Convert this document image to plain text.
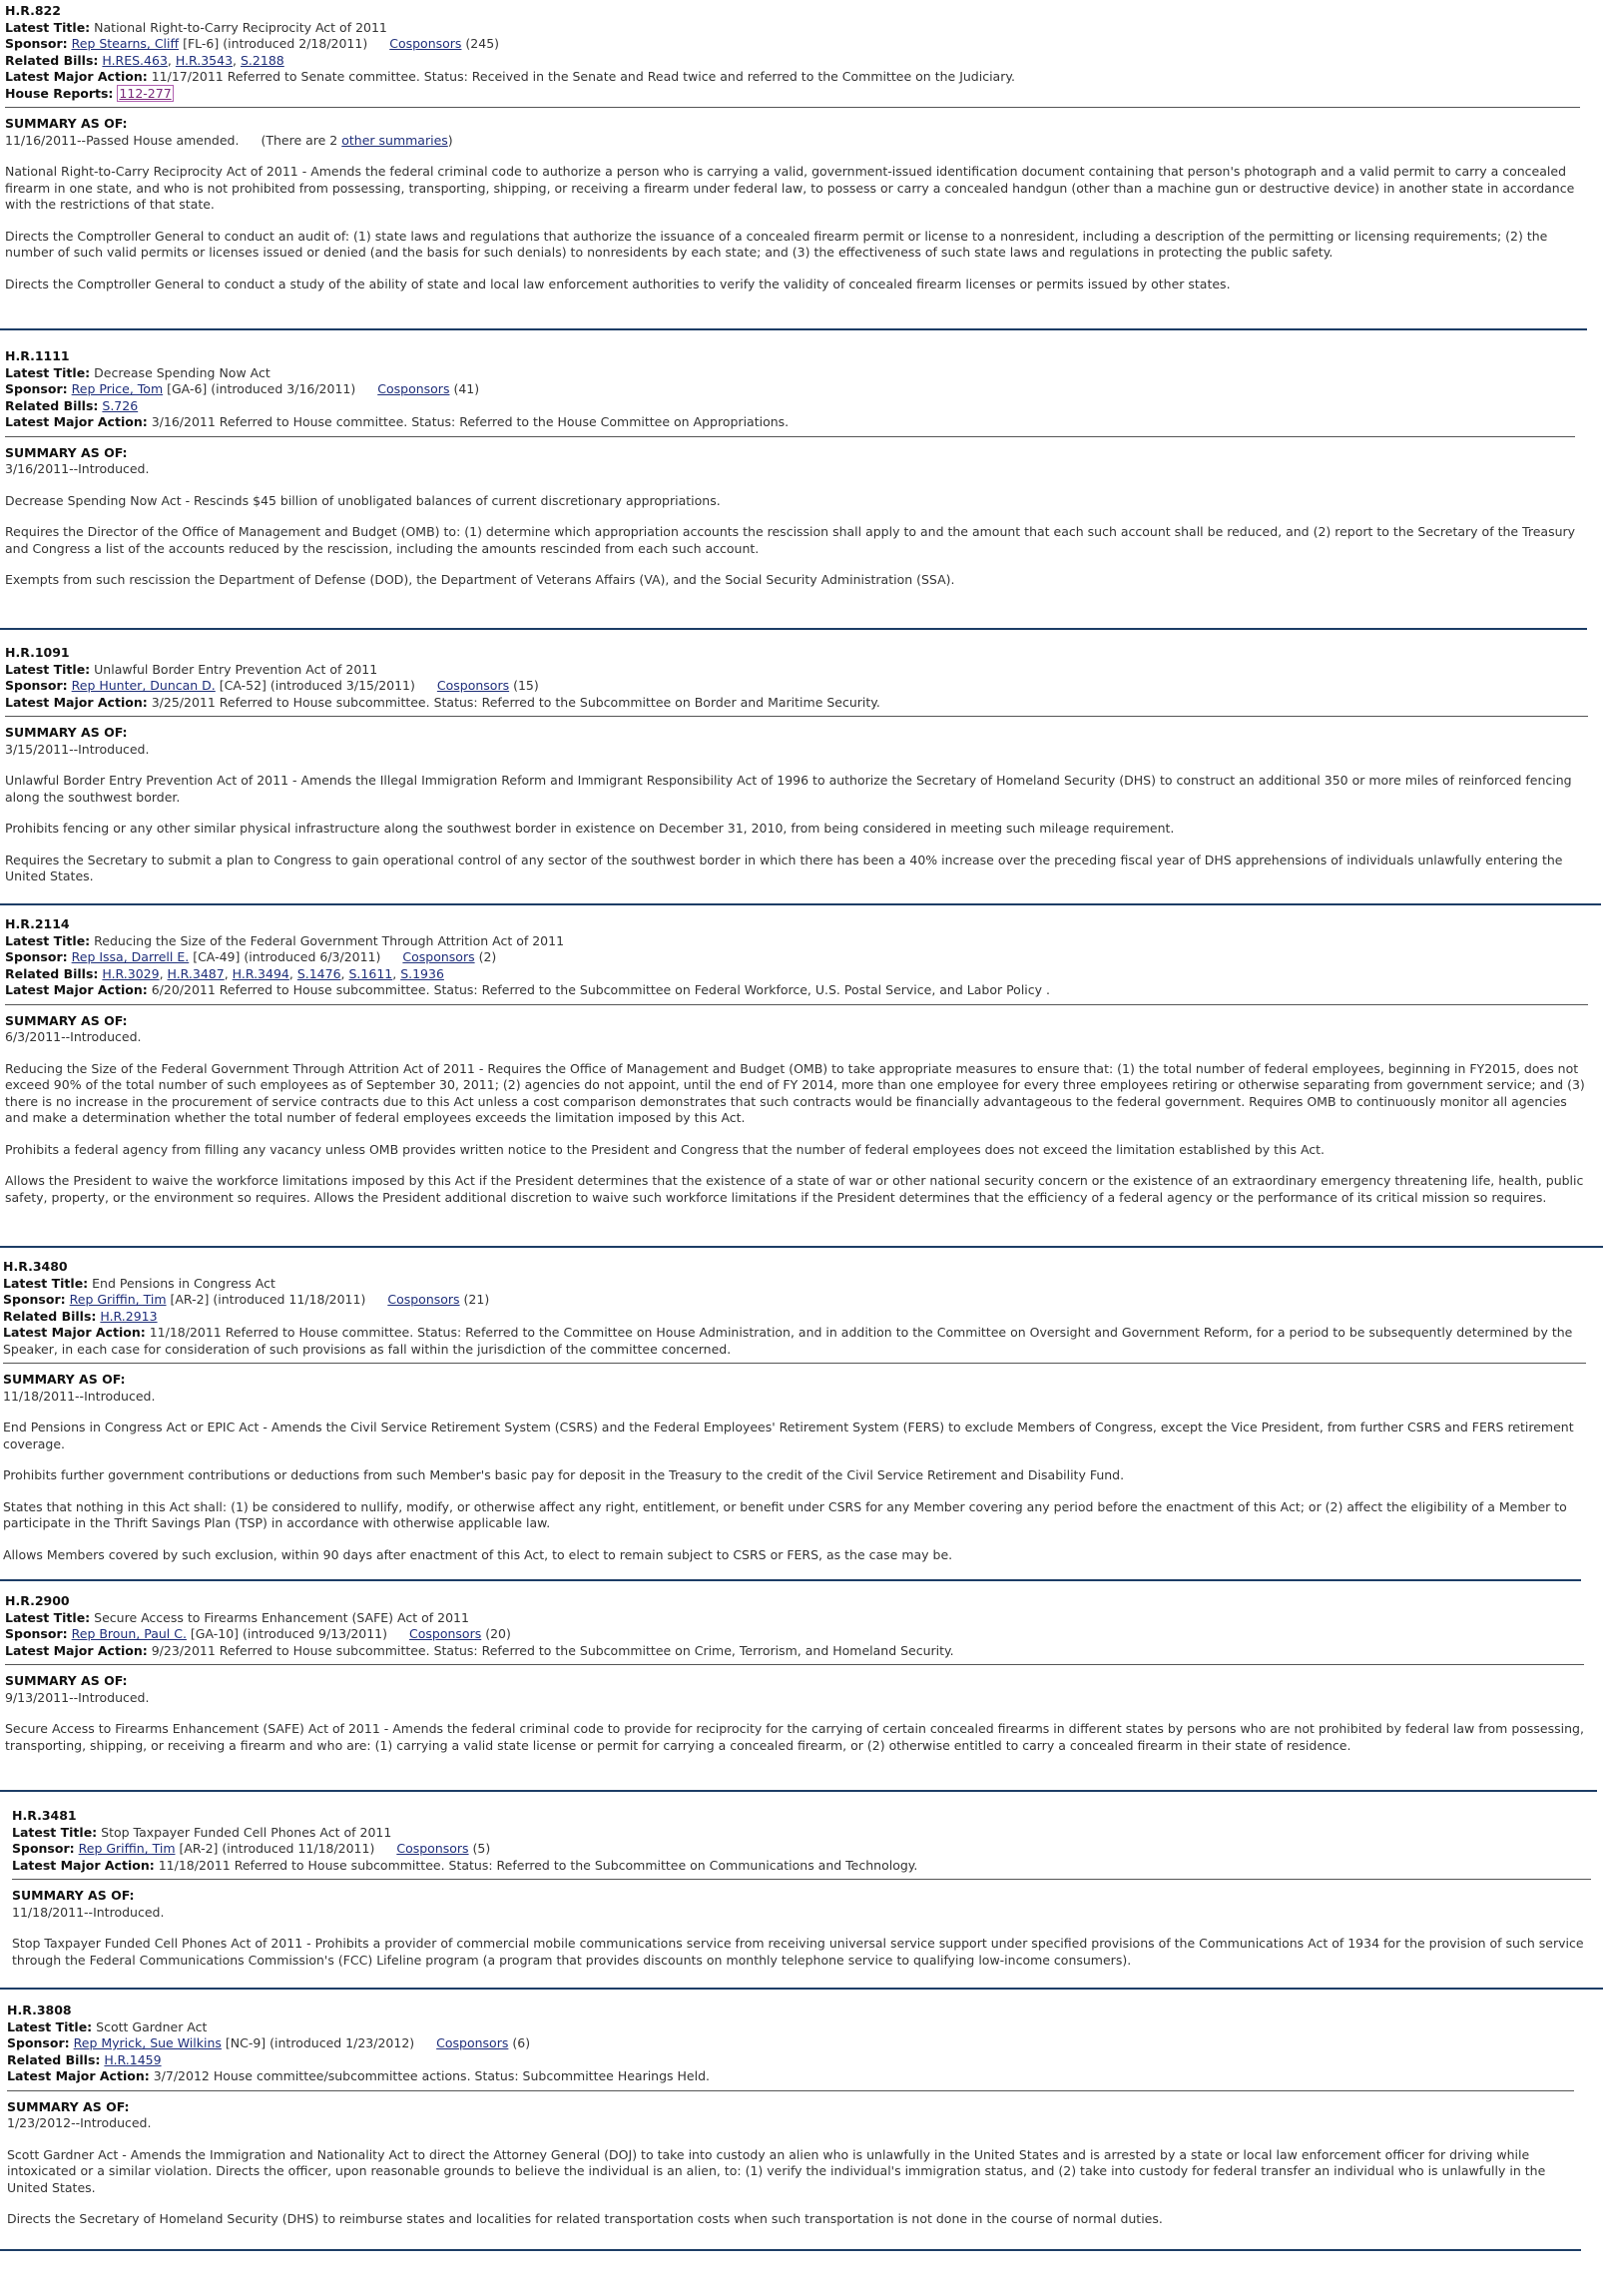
H.R.822
Latest Title: National Right-to-Carry Reciprocity Act of 2011
Sponsor: Rep Stearns, Cliff [FL-6] (introduced 2/18/2011) Cosponsors (245)
Related Bills: H.RES.463, H.R.3543, S.2188
Latest Major Action: 11/17/2011 Referred to Senate committee. Status: Received in the Senate and Read twice and referred to the Committee on the Judiciary.
House Reports: 112-277
SUMMARY AS OF:
11/16/2011--Passed House amended. (There are 2 other summaries)
National Right-to-Carry Reciprocity Act of 2011 - Amends the federal criminal code to authorize a person who is carrying a valid, government-issued identification document containing that person's photograph and a valid permit to carry a concealed firearm in one state, and who is not prohibited from possessing, transporting, shipping, or receiving a firearm under federal law, to possess or carry a concealed handgun (other than a machine gun or destructive device) in another state in accordance with the restrictions of that state.
Directs the Comptroller General to conduct an audit of: (1) state laws and regulations that authorize the issuance of a concealed firearm permit or license to a nonresident, including a description of the permitting or licensing requirements; (2) the number of such valid permits or licenses issued or denied (and the basis for such denials) to nonresidents by each state; and (3) the effectiveness of such state laws and regulations in protecting the public safety.
Directs the Comptroller General to conduct a study of the ability of state and local law enforcement authorities to verify the validity of concealed firearm licenses or permits issued by other states.
H.R.1111
Latest Title: Decrease Spending Now Act
Sponsor: Rep Price, Tom [GA-6] (introduced 3/16/2011) Cosponsors (41)
Related Bills: S.726
Latest Major Action: 3/16/2011 Referred to House committee. Status: Referred to the House Committee on Appropriations.
SUMMARY AS OF:
3/16/2011--Introduced.
Decrease Spending Now Act - Rescinds $45 billion of unobligated balances of current discretionary appropriations.
Requires the Director of the Office of Management and Budget (OMB) to: (1) determine which appropriation accounts the rescission shall apply to and the amount that each such account shall be reduced, and (2) report to the Secretary of the Treasury and Congress a list of the accounts reduced by the rescission, including the amounts rescinded from each such account.
Exempts from such rescission the Department of Defense (DOD), the Department of Veterans Affairs (VA), and the Social Security Administration (SSA).
H.R.1091
Latest Title: Unlawful Border Entry Prevention Act of 2011
Sponsor: Rep Hunter, Duncan D. [CA-52] (introduced 3/15/2011) Cosponsors (15)
Latest Major Action: 3/25/2011 Referred to House subcommittee. Status: Referred to the Subcommittee on Border and Maritime Security.
SUMMARY AS OF:
3/15/2011--Introduced.
Unlawful Border Entry Prevention Act of 2011 - Amends the Illegal Immigration Reform and Immigrant Responsibility Act of 1996 to authorize the Secretary of Homeland Security (DHS) to construct an additional 350 or more miles of reinforced fencing along the southwest border.
Prohibits fencing or any other similar physical infrastructure along the southwest border in existence on December 31, 2010, from being considered in meeting such mileage requirement.
Requires the Secretary to submit a plan to Congress to gain operational control of any sector of the southwest border in which there has been a 40% increase over the preceding fiscal year of DHS apprehensions of individuals unlawfully entering the United States.
H.R.2114
Latest Title: Reducing the Size of the Federal Government Through Attrition Act of 2011
Sponsor: Rep Issa, Darrell E. [CA-49] (introduced 6/3/2011) Cosponsors (2)
Related Bills: H.R.3029, H.R.3487, H.R.3494, S.1476, S.1611, S.1936
Latest Major Action: 6/20/2011 Referred to House subcommittee. Status: Referred to the Subcommittee on Federal Workforce, U.S. Postal Service, and Labor Policy .
SUMMARY AS OF:
6/3/2011--Introduced.
Reducing the Size of the Federal Government Through Attrition Act of 2011 - Requires the Office of Management and Budget (OMB) to take appropriate measures to ensure that: (1) the total number of federal employees, beginning in FY2015, does not exceed 90% of the total number of such employees as of September 30, 2011; (2) agencies do not appoint, until the end of FY 2014, more than one employee for every three employees retiring or otherwise separating from government service; and (3) there is no increase in the procurement of service contracts due to this Act unless a cost comparison demonstrates that such contracts would be financially advantageous to the federal government. Requires OMB to continuously monitor all agencies and make a determination whether the total number of federal employees exceeds the limitation imposed by this Act.
Prohibits a federal agency from filling any vacancy unless OMB provides written notice to the President and Congress that the number of federal employees does not exceed the limitation established by this Act.
Allows the President to waive the workforce limitations imposed by this Act if the President determines that the existence of a state of war or other national security concern or the existence of an extraordinary emergency threatening life, health, public safety, property, or the environment so requires. Allows the President additional discretion to waive such workforce limitations if the President determines that the efficiency of a federal agency or the performance of its critical mission so requires.
H.R.3480
Latest Title: End Pensions in Congress Act
Sponsor: Rep Griffin, Tim [AR-2] (introduced 11/18/2011) Cosponsors (21)
Related Bills: H.R.2913
Latest Major Action: 11/18/2011 Referred to House committee. Status: Referred to the Committee on House Administration, and in addition to the Committee on Oversight and Government Reform, for a period to be subsequently determined by the Speaker, in each case for consideration of such provisions as fall within the jurisdiction of the committee concerned.
SUMMARY AS OF:
11/18/2011--Introduced.
End Pensions in Congress Act or EPIC Act - Amends the Civil Service Retirement System (CSRS) and the Federal Employees' Retirement System (FERS) to exclude Members of Congress, except the Vice President, from further CSRS and FERS retirement coverage.
Prohibits further government contributions or deductions from such Member's basic pay for deposit in the Treasury to the credit of the Civil Service Retirement and Disability Fund.
States that nothing in this Act shall: (1) be considered to nullify, modify, or otherwise affect any right, entitlement, or benefit under CSRS for any Member covering any period before the enactment of this Act; or (2) affect the eligibility of a Member to participate in the Thrift Savings Plan (TSP) in accordance with otherwise applicable law.
Allows Members covered by such exclusion, within 90 days after enactment of this Act, to elect to remain subject to CSRS or FERS, as the case may be.
H.R.2900
Latest Title: Secure Access to Firearms Enhancement (SAFE) Act of 2011
Sponsor: Rep Broun, Paul C. [GA-10] (introduced 9/13/2011) Cosponsors (20)
Latest Major Action: 9/23/2011 Referred to House subcommittee. Status: Referred to the Subcommittee on Crime, Terrorism, and Homeland Security.
SUMMARY AS OF:
9/13/2011--Introduced.
Secure Access to Firearms Enhancement (SAFE) Act of 2011 - Amends the federal criminal code to provide for reciprocity for the carrying of certain concealed firearms in different states by persons who are not prohibited by federal law from possessing, transporting, shipping, or receiving a firearm and who are: (1) carrying a valid state license or permit for carrying a concealed firearm, or (2) otherwise entitled to carry a concealed firearm in their state of residence.
H.R.3481
Latest Title: Stop Taxpayer Funded Cell Phones Act of 2011
Sponsor: Rep Griffin, Tim [AR-2] (introduced 11/18/2011) Cosponsors (5)
Latest Major Action: 11/18/2011 Referred to House subcommittee. Status: Referred to the Subcommittee on Communications and Technology.
SUMMARY AS OF:
11/18/2011--Introduced.
Stop Taxpayer Funded Cell Phones Act of 2011 - Prohibits a provider of commercial mobile communications service from receiving universal service support under specified provisions of the Communications Act of 1934 for the provision of such service through the Federal Communications Commission's (FCC) Lifeline program (a program that provides discounts on monthly telephone service to qualifying low-income consumers).
H.R.3808
Latest Title: Scott Gardner Act
Sponsor: Rep Myrick, Sue Wilkins [NC-9] (introduced 1/23/2012) Cosponsors (6)
Related Bills: H.R.1459
Latest Major Action: 3/7/2012 House committee/subcommittee actions. Status: Subcommittee Hearings Held.
SUMMARY AS OF:
1/23/2012--Introduced.
Scott Gardner Act - Amends the Immigration and Nationality Act to direct the Attorney General (DOJ) to take into custody an alien who is unlawfully in the United States and is arrested by a state or local law enforcement officer for driving while intoxicated or a similar violation. Directs the officer, upon reasonable grounds to believe the individual is an alien, to: (1) verify the individual's immigration status, and (2) take into custody for federal transfer an individual who is unlawfully in the United States.
Directs the Secretary of Homeland Security (DHS) to reimburse states and localities for related transportation costs when such transportation is not done in the course of normal duties.
